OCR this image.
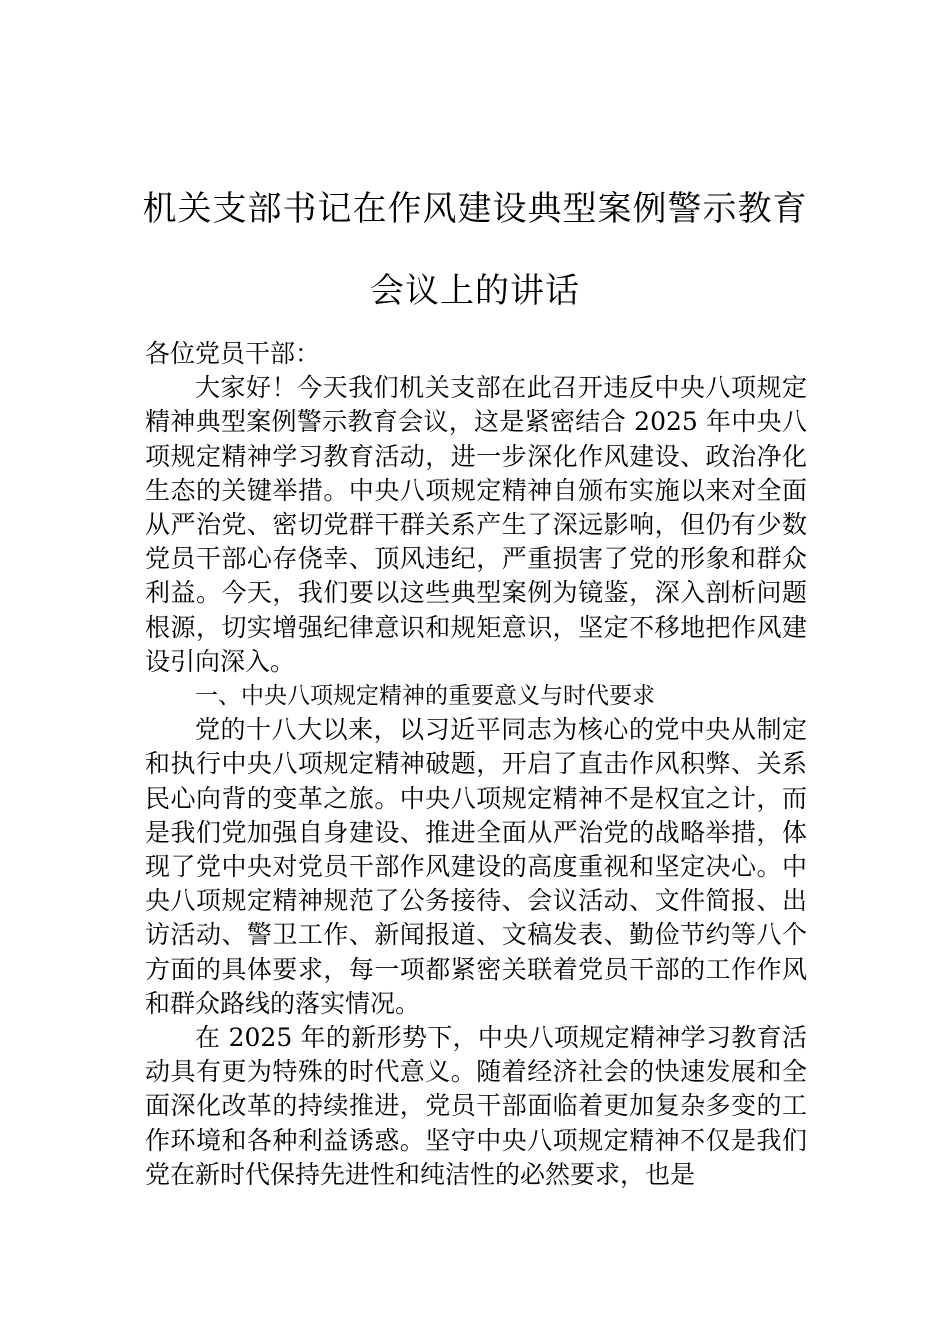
机关支部书记在作风建设典型案例警示教育会议上的讲话

各位党员干部：

大家好！今天我们机关支部在此召开违反中央八项规定精神典型案例警示教育会议，这是紧密结合 2025 年中央八项规定精神学习教育活动，进一步深化作风建设、政治净化生态的关键举措。中央八项规定精神自颁布实施以来对全面从严治党、密切党群干群关系产生了深远影响，但仍有少数党员干部心存侥幸、顶风违纪，严重损害了党的形象和群众利益。今天，我们要以这些典型案例为镜鉴，深入剖析问题根源，切实增强纪律意识和规矩意识，坚定不移地把作风建设引向深入。

一、中央八项规定精神的重要意义与时代要求

党的十八大以来，以习近平同志为核心的党中央从制定和执行中央八项规定精神破题，开启了直击作风积弊、关系民心向背的变革之旅。中央八项规定精神不是权宜之计，而是我们党加强自身建设、推进全面从严治党的战略举措，体现了党中央对党员干部作风建设的高度重视和坚定决心。中央八项规定精神规范了公务接待、会议活动、文件简报、出访活动、警卫工作、新闻报道、文稿发表、勤俭节约等八个方面的具体要求，每一项都紧密关联着党员干部的工作作风和群众路线的落实情况。

在 2025 年的新形势下，中央八项规定精神学习教育活动具有更为特殊的时代意义。随着经济社会的快速发展和全面深化改革的持续推进，党员干部面临着更加复杂多变的工作环境和各种利益诱惑。坚守中央八项规定精神不仅是我们党在新时代保持先进性和纯洁性的必然要求，也是
